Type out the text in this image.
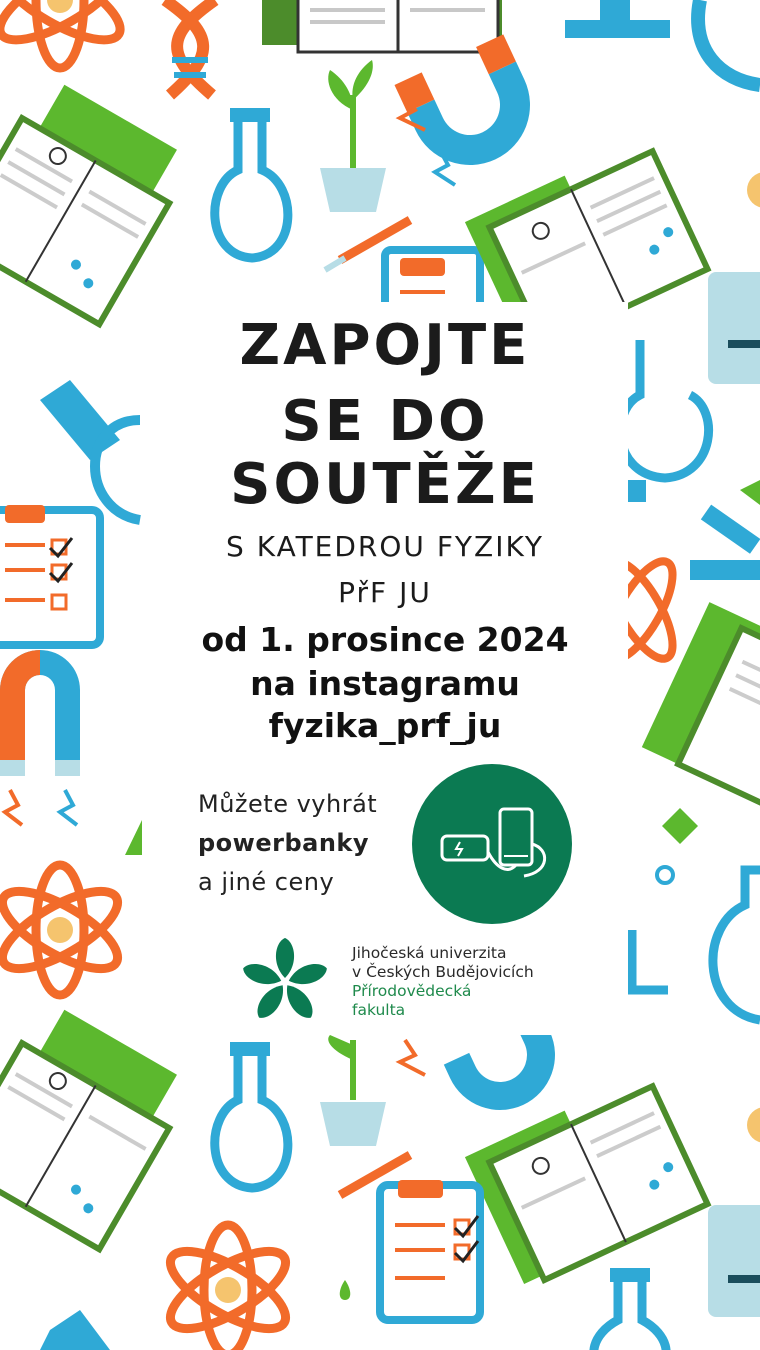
ZAPOJTE
SE DO
SOUTĚŽE
S KATEDROU FYZIKY
PřF JU
od 1. prosince 2024
na instagramu
fyzika_prf_ju
Můžete vyhrát
powerbanky
a jiné ceny
Jihočeská univerzita
v Českých Budějovicích
Přírodovědecká
fakulta
